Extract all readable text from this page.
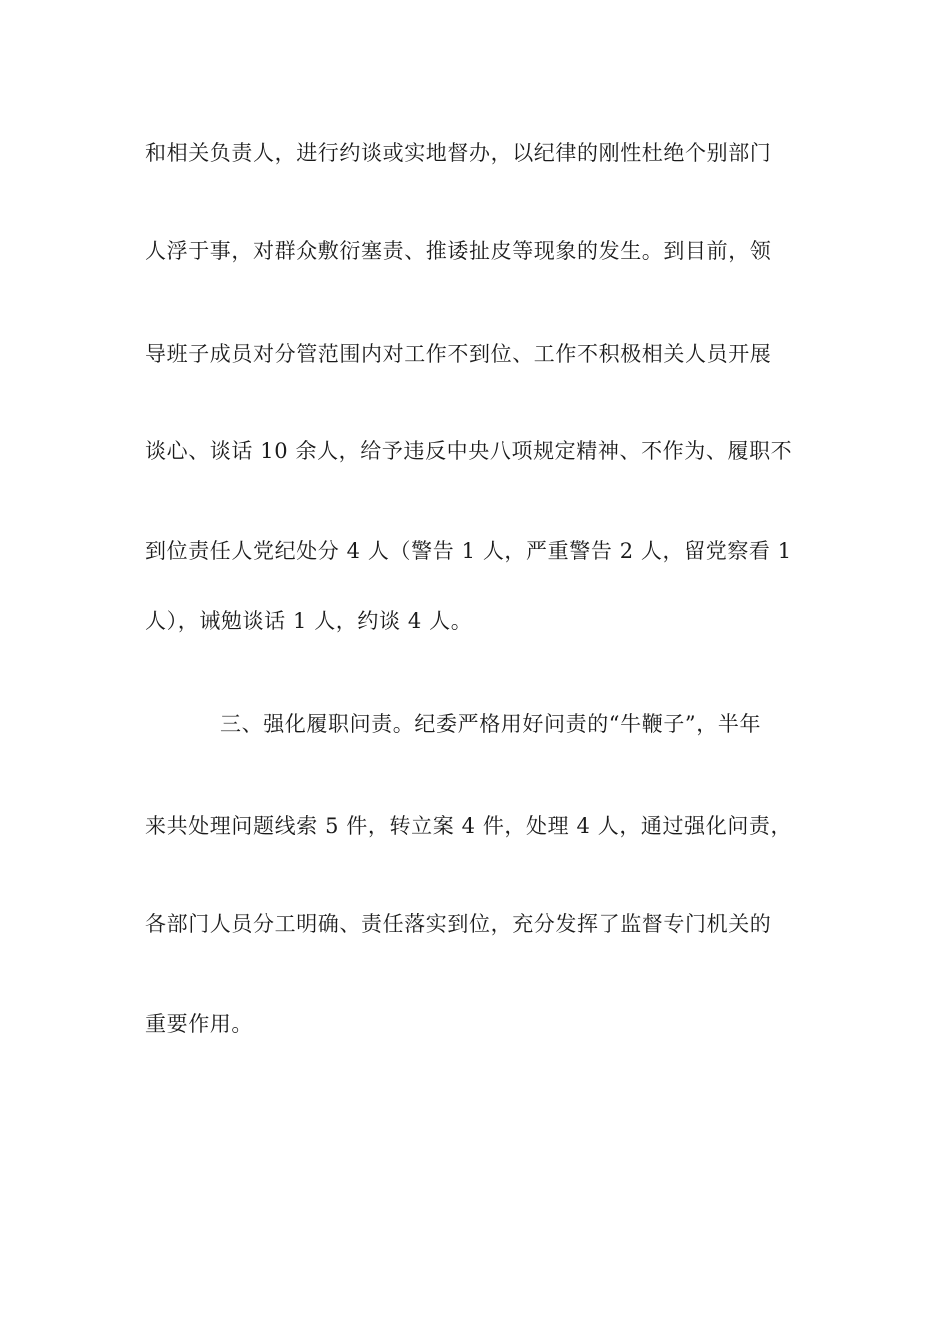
和相关负责人，进行约谈或实地督办，以纪律的刚性杜绝个别部门
人浮于事，对群众敷衍塞责、推诿扯皮等现象的发生。到目前，领
导班子成员对分管范围内对工作不到位、工作不积极相关人员开展
谈心、谈话 10 余人，给予违反中央八项规定精神、不作为、履职不
到位责任人党纪处分 4 人（警告 1 人，严重警告 2 人，留党察看 1
人），诫勉谈话 1 人，约谈 4 人。
三、强化履职问责。纪委严格用好问责的“牛鞭子”，半年
来共处理问题线索 5 件，转立案 4 件，处理 4 人，通过强化问责，
各部门人员分工明确、责任落实到位，充分发挥了监督专门机关的
重要作用。
